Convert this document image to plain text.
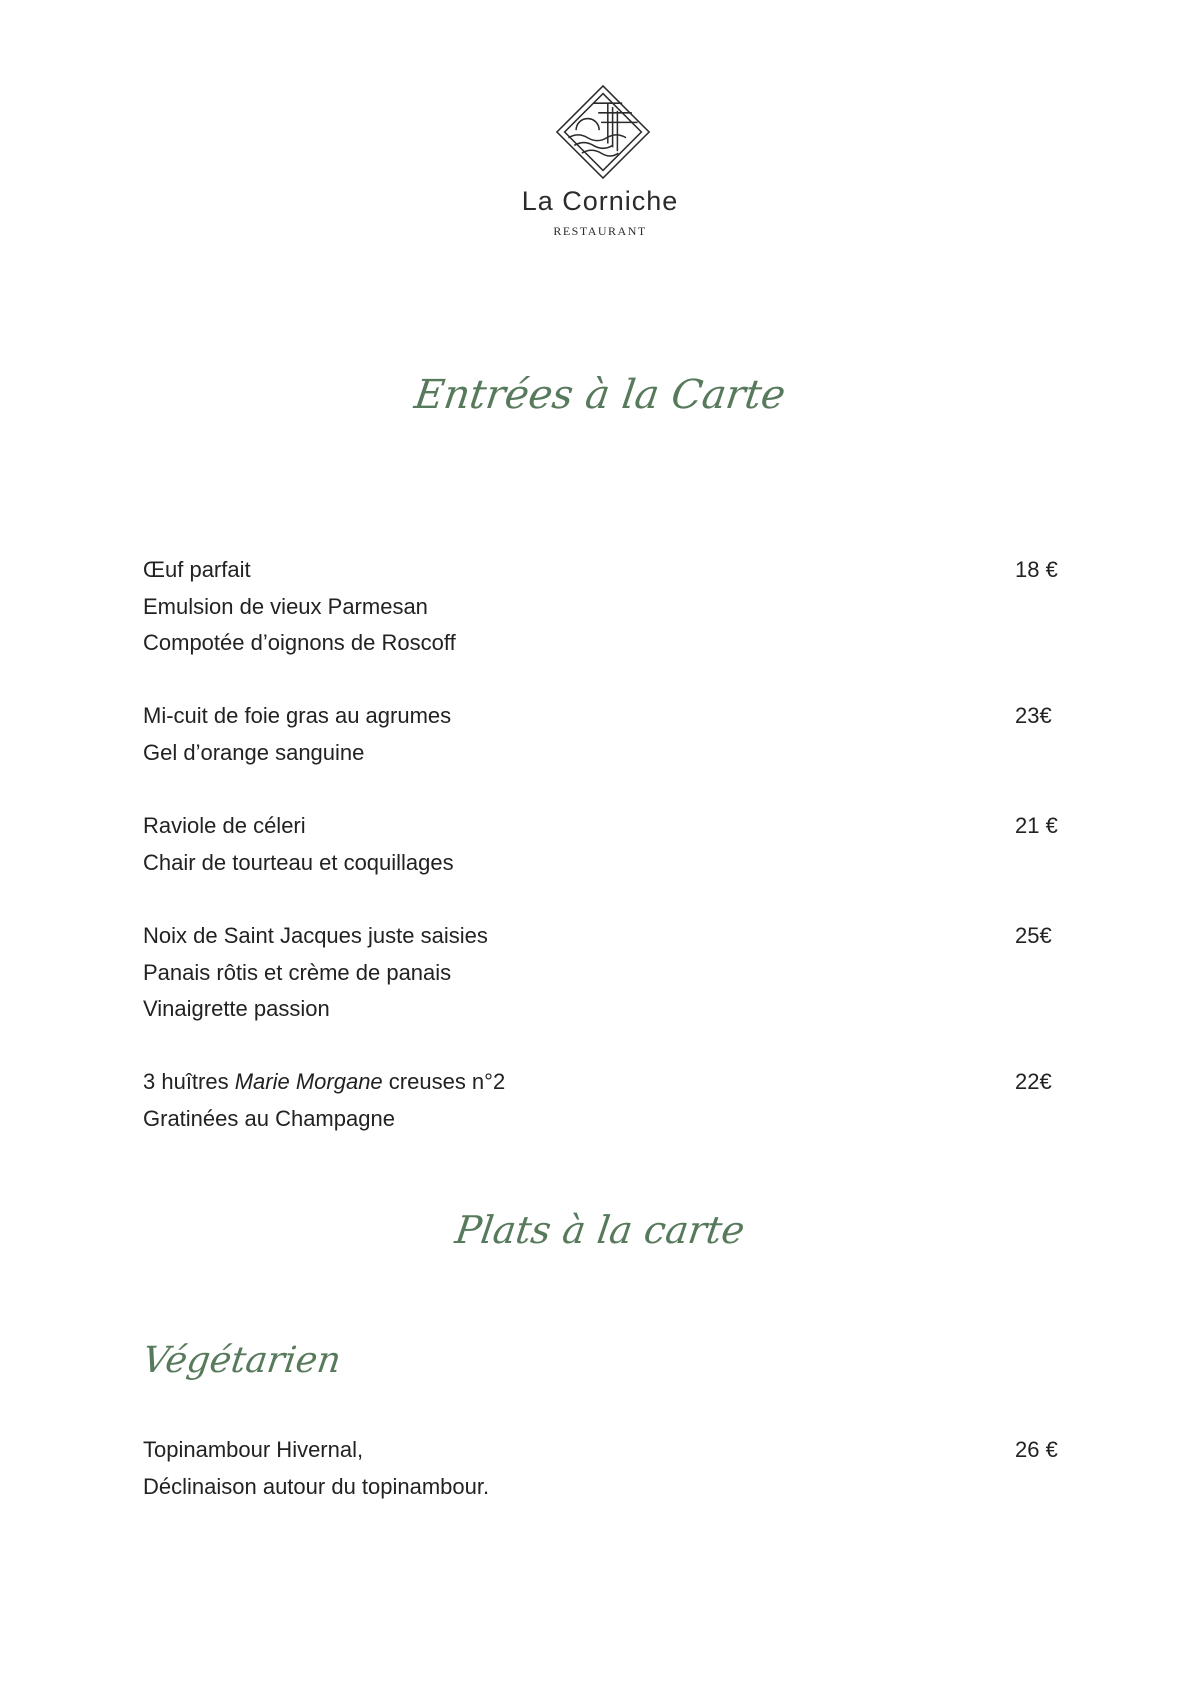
La Corniche
RESTAURANT
Entrées à la Carte
Œuf parfait
Emulsion de vieux Parmesan
Compotée d’oignons de Roscoff
18 €
Mi-cuit de foie gras au agrumes
Gel d’orange sanguine
23€
Raviole de céleri
Chair de tourteau et coquillages
21 €
Noix de Saint Jacques juste saisies
Panais rôtis et crème de panais
Vinaigrette passion
25€
3 huîtres Marie Morgane creuses n°2
Gratinées au Champagne
22€
Plats à la carte
Végétarien
Topinambour Hivernal,
Déclinaison autour du topinambour.
26 €
